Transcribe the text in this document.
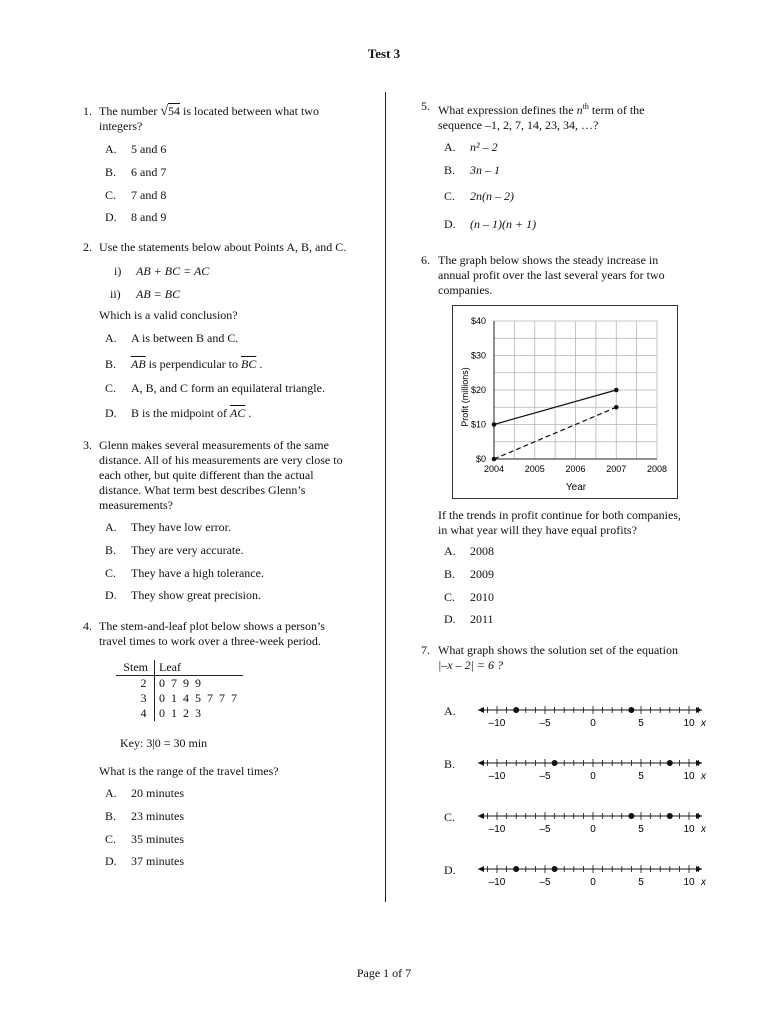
Test 3
1. The number √54 is located between what two
integers?
A. 5 and 6
B. 6 and 7
C. 7 and 8
D. 8 and 9
2. Use the statements below about Points A, B, and C.
i) AB + BC = AC
ii) AB = BC
Which is a valid conclusion?
A. A is between B and C.
B. $\overline{AB}$ is perpendicular to $\overline{BC}$ .
C. A, B, and C form an equilateral triangle.
D. B is the midpoint of $\overline{AC}$ .
3. Glenn makes several measurements of the same
distance. All of his measurements are very close to
each other, but quite different than the actual
distance. What term best describes Glenn’s
measurements?
A. They have low error.
B. They are very accurate.
C. They have a high tolerance.
D. They show great precision.
4. The stem-and-leaf plot below shows a person’s
travel times to work over a three-week period.
Stem	Leaf
2	0 7 9 9
3	0 1 4 5 7 7 7
4	0 1 2 3
Key: 3|0 = 30 min
What is the range of the travel times?
A. 20 minutes
B. 23 minutes
C. 35 minutes
D. 37 minutes
5. What expression defines the $n^{th}$ term of the
sequence –1, 2, 7, 14, 23, 34, …?
A. n² – 2
B. 3n – 1
C. 2n(n – 2)
D. (n – 1)(n + 1)
6. The graph below shows the steady increase in
annual profit over the last several years for two
companies.
2004 2005 2006 2007 2008
$0
$10
$20
$30
$40
Profit (millions)
Year
If the trends in profit continue for both companies,
in what year will they have equal profits?
A. 2008
B. 2009
C. 2010
D. 2011
7. What graph shows the solution set of the equation
|–x – 2| = 6 ?
A.
B.
C.
D.
–10	–5	0	5	10 x
–10	–5	0	5	10 x
–10	–5	0	5	10 x
–10	–5	0	5	10 x
Page 1 of 7
